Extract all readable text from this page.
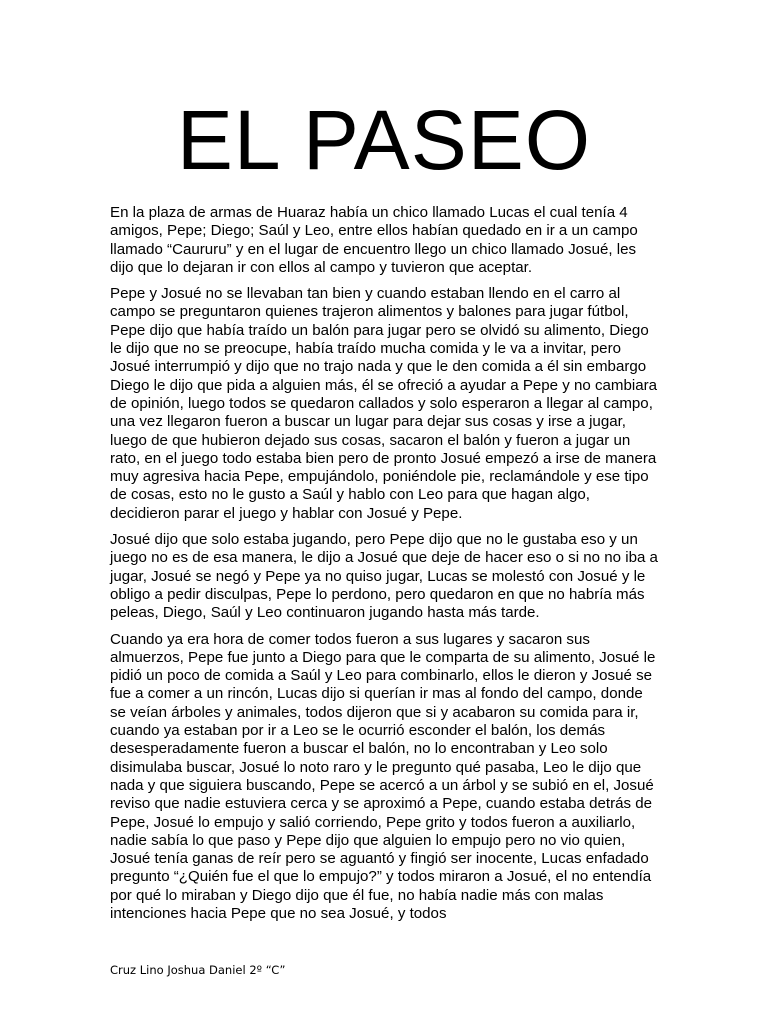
EL PASEO

En la plaza de armas de Huaraz había un chico llamado Lucas el cual tenía 4 amigos, Pepe; Diego; Saúl y Leo, entre ellos habían quedado en ir a un campo llamado “Caururu” y en el lugar de encuentro llego un chico llamado Josué, les dijo que lo dejaran ir con ellos al campo y tuvieron que aceptar.

Pepe y Josué no se llevaban tan bien y cuando estaban llendo en el carro al campo se preguntaron quienes trajeron alimentos y balones para jugar fútbol, Pepe dijo que había traído un balón para jugar pero se olvidó su alimento, Diego le dijo que no se preocupe, había traído mucha comida y le va a invitar, pero Josué interrumpió y dijo que no trajo nada y que le den comida a él sin embargo Diego le dijo que pida a alguien más, él se ofreció a ayudar a Pepe y no cambiara de opinión, luego todos se quedaron callados y solo esperaron a llegar al campo, una vez llegaron fueron a buscar un lugar para dejar sus cosas y irse a jugar, luego de que hubieron dejado sus cosas, sacaron el balón y fueron a jugar un rato, en el juego todo estaba bien pero de pronto Josué empezó a irse de manera muy agresiva hacia Pepe, empujándolo, poniéndole pie, reclamándole y ese tipo de cosas, esto no le gusto a Saúl y hablo con Leo para que hagan algo, decidieron parar el juego y hablar con Josué y Pepe.

Josué dijo que solo estaba jugando, pero Pepe dijo que no le gustaba eso y un juego no es de esa manera, le dijo a Josué que deje de hacer eso o si no no iba a jugar, Josué se negó y Pepe ya no quiso jugar, Lucas se molestó con Josué y le obligo a pedir disculpas, Pepe lo perdono, pero quedaron en que no habría más peleas, Diego, Saúl y Leo continuaron jugando hasta más tarde.

Cuando ya era hora de comer todos fueron a sus lugares y sacaron sus almuerzos, Pepe fue junto a Diego para que le comparta de su alimento, Josué le pidió un poco de comida a Saúl y Leo para combinarlo, ellos le dieron y Josué se fue a comer a un rincón, Lucas dijo si querían ir mas al fondo del campo, donde se veían árboles y animales, todos dijeron que si y acabaron su comida para ir, cuando ya estaban por ir a Leo se le ocurrió esconder el balón, los demás desesperadamente fueron a buscar el balón, no lo encontraban y Leo solo disimulaba buscar, Josué lo noto raro y le pregunto qué pasaba, Leo le dijo que nada y que siguiera buscando, Pepe se acercó a un árbol y se subió en el, Josué reviso que nadie estuviera cerca y se aproximó a Pepe, cuando estaba detrás de Pepe, Josué lo empujo y salió corriendo, Pepe grito y todos fueron a auxiliarlo, nadie sabía lo que paso y Pepe dijo que alguien lo empujo pero no vio quien, Josué tenía ganas de reír pero se aguantó y fingió ser inocente, Lucas enfadado pregunto “¿Quién fue el que lo empujo?” y todos miraron a Josué, el no entendía por qué lo miraban y Diego dijo que él fue, no había nadie más con malas intenciones hacia Pepe que no sea Josué, y todos

Cruz Lino Joshua Daniel 2º “C”
